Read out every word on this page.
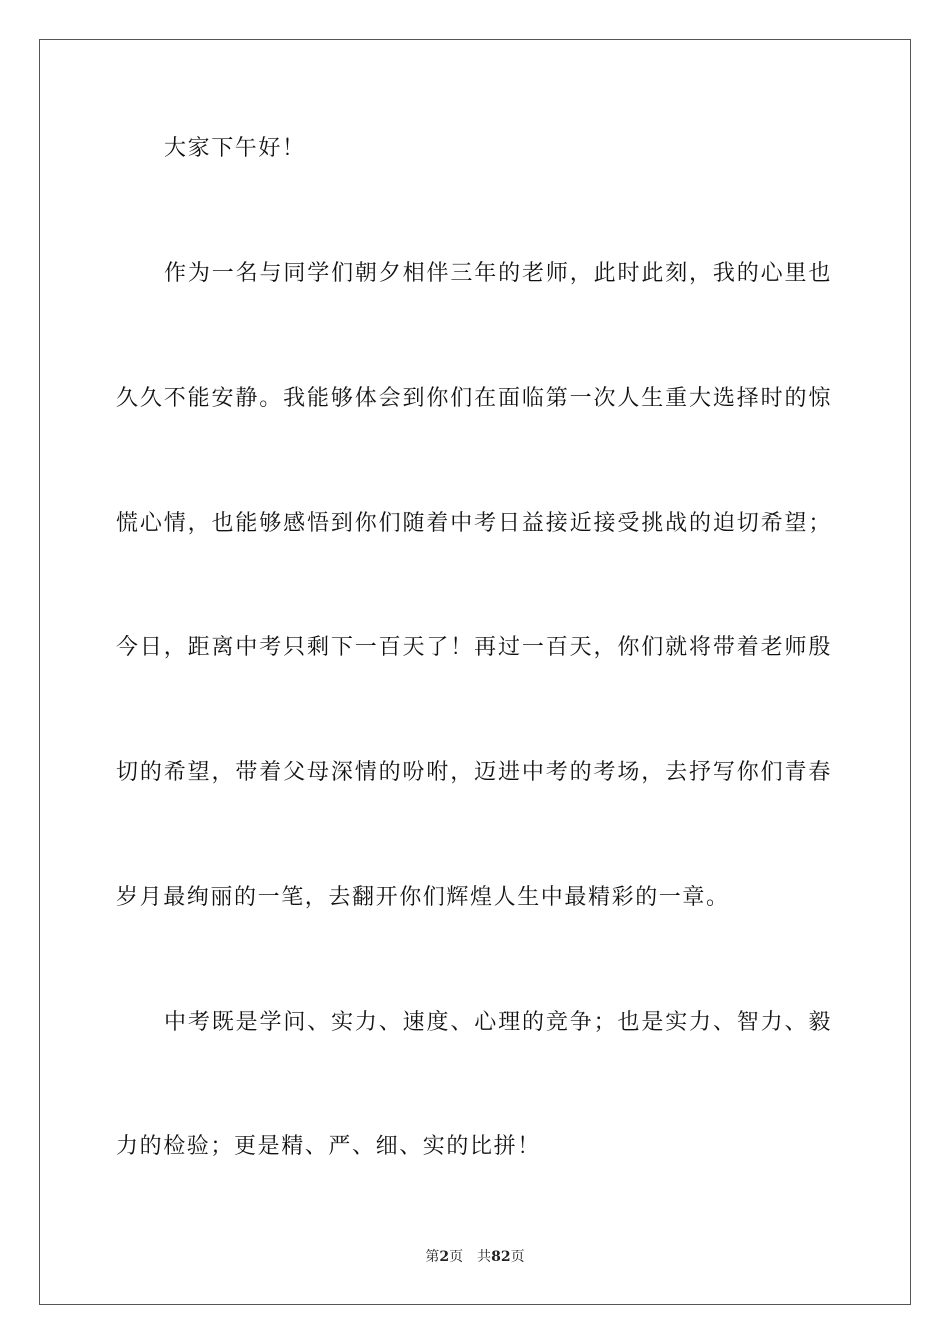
大家下午好！
作为一名与同学们朝夕相伴三年的老师，此时此刻，我的心里也
久久不能安静。我能够体会到你们在面临第一次人生重大选择时的惊
慌心情，也能够感悟到你们随着中考日益接近接受挑战的迫切希望；
今日，距离中考只剩下一百天了！再过一百天，你们就将带着老师殷
切的希望，带着父母深情的吩咐，迈进中考的考场，去抒写你们青春
岁月最绚丽的一笔，去翻开你们辉煌人生中最精彩的一章。
中考既是学问、实力、速度、心理的竞争；也是实力、智力、毅
力的检验；更是精、严、细、实的比拼！
第2页 共82页
